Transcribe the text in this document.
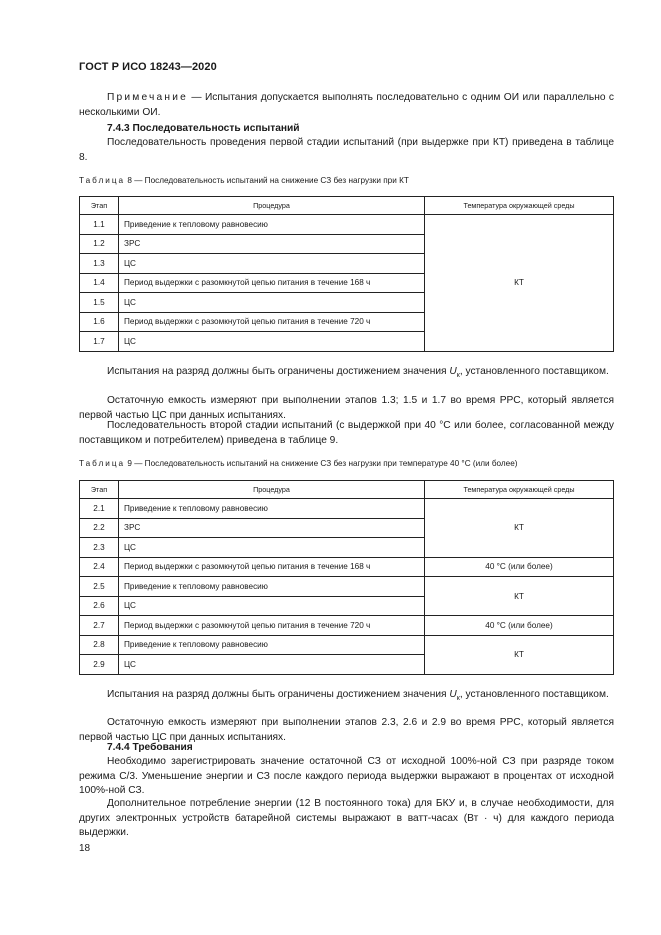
ГОСТ Р ИСО 18243—2020
Примечание — Испытания допускается выполнять последовательно с одним ОИ или параллельно с несколькими ОИ.
7.4.3 Последовательность испытаний
Последовательность проведения первой стадии испытаний (при выдержке при КТ) приведена в таблице 8.
Таблица 8 — Последовательность испытаний на снижение СЗ без нагрузки при КТ
Этап	Процедура	Температура окружающей среды
1.1	Приведение к тепловому равновесию	КТ
1.2	ЗРС	
1.3	ЦС	
1.4	Период выдержки с разомкнутой цепью питания в течение 168 ч	
1.5	ЦС	
1.6	Период выдержки с разомкнутой цепью питания в течение 720 ч	
1.7	ЦС	
Испытания на разряд должны быть ограничены достижением значения $U_к$, установленного поставщиком.
Остаточную емкость измеряют при выполнении этапов 1.3; 1.5 и 1.7 во время РРС, который является первой частью ЦС при данных испытаниях.
Последовательность второй стадии испытаний (с выдержкой при 40 °С или более, согласованной между поставщиком и потребителем) приведена в таблице 9.
Таблица 9 — Последовательность испытаний на снижение СЗ без нагрузки при температуре 40 °С (или более)
Этап	Процедура	Температура окружающей среды
2.1	Приведение к тепловому равновесию	КТ
2.2	ЗРС	
2.3	ЦС	
2.4	Период выдержки с разомкнутой цепью питания в течение 168 ч	40 °С (или более)
2.5	Приведение к тепловому равновесию	КТ
2.6	ЦС	
2.7	Период выдержки с разомкнутой цепью питания в течение 720 ч	40 °С (или более)
2.8	Приведение к тепловому равновесию	КТ
2.9	ЦС	
Испытания на разряд должны быть ограничены достижением значения $U_к$, установленного поставщиком.
Остаточную емкость измеряют при выполнении этапов 2.3, 2.6 и 2.9 во время РРС, который является первой частью ЦС при данных испытаниях.
7.4.4 Требования
Необходимо зарегистрировать значение остаточной СЗ от исходной 100%-ной СЗ при разряде током режима С/3. Уменьшение энергии и СЗ после каждого периода выдержки выражают в процентах от исходной 100%-ной СЗ.
Дополнительное потребление энергии (12 В постоянного тока) для БКУ и, в случае необходимости, для других электронных устройств батарейной системы выражают в ватт-часах (Вт · ч) для каждого периода выдержки.
18
